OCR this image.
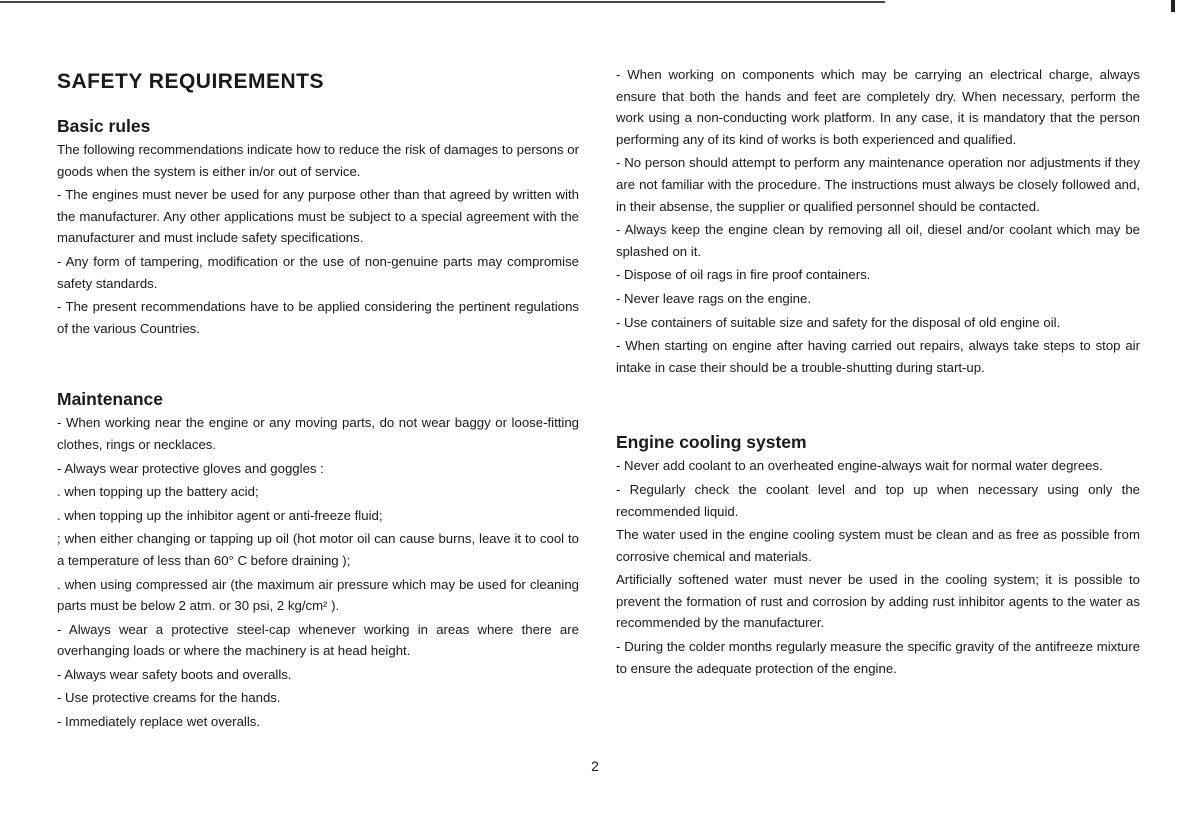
SAFETY REQUIREMENTS
Basic rules

The following recommendations indicate how to reduce the risk of damages to persons or goods when the system is either in/or out of service.

- The engines must never be used for any purpose other than that agreed by written with the manufacturer. Any other applications must be subject to a special agreement with the manufacturer and must include safety specifications.

- Any form of tampering, modification or the use of non-genuine parts may compromise safety standards.

- The present recommendations have to be applied considering the pertinent regulations of the various Countries.

Maintenance

- When working near the engine or any moving parts, do not wear baggy or loose-fitting clothes, rings or necklaces.

- Always wear protective gloves and goggles :

. when topping up the battery acid;

. when topping up the inhibitor agent or anti-freeze fluid;

; when either changing or tapping up oil (hot motor oil can cause burns, leave it to cool to a temperature of less than 60° C before draining );

. when using compressed air (the maximum air pressure which may be used for cleaning parts must be below 2 atm. or 30 psi, 2 kg/cm² ).

- Always wear a protective steel-cap whenever working in areas where there are overhanging loads or where the machinery is at head height.

- Always wear safety boots and overalls.

- Use protective creams for the hands.

- Immediately replace wet overalls.

- When working on components which may be carrying an electrical charge, always ensure that both the hands and feet are completely dry. When necessary, perform the work using a non-conducting work platform. In any case, it is mandatory that the person performing any of its kind of works is both experienced and qualified.

- No person should attempt to perform any maintenance operation nor adjustments if they are not familiar with the procedure. The instructions must always be closely followed and, in their absense, the supplier or qualified personnel should be contacted.

- Always keep the engine clean by removing all oil, diesel and/or coolant which may be splashed on it.

- Dispose of oil rags in fire proof containers.

- Never leave rags on the engine.

- Use containers of suitable size and safety for the disposal of old engine oil.

- When starting on engine after having carried out repairs, always take steps to stop air intake in case their should be a trouble-shutting during start-up.

Engine cooling system

- Never add coolant to an overheated engine-always wait for normal water degrees.

- Regularly check the coolant level and top up when necessary using only the recommended liquid.

The water used in the engine cooling system must be clean and as free as possible from corrosive chemical and materials.

Artificially softened water must never be used in the cooling system; it is possible to prevent the formation of rust and corrosion by adding rust inhibitor agents to the water as recommended by the manufacturer.

- During the colder months regularly measure the specific gravity of the antifreeze mixture to ensure the adequate protection of the engine.

2
